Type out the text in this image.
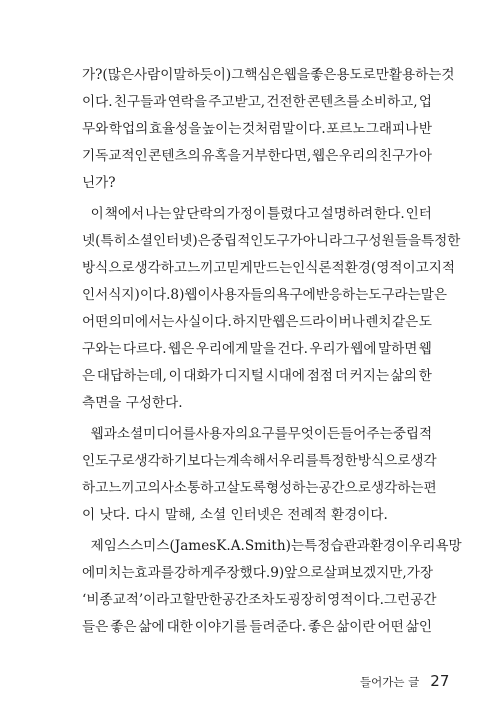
가? (많은 사람이 말하듯이) 그 핵심은 웹을 좋은 용도로만 활용하는 것
이다. 친구들과 연락을 주고받고, 건전한 콘텐츠를 소비하고, 업
무와 학업의 효율성을 높이는 것처럼 말이다. 포르노그래피나 반
기독교적인 콘텐츠의 유혹을 거부한다면, 웹은 우리의 친구가 아
닌가?
이 책에서 나는 앞 단락의 가정이 틀렸다고 설명하려 한다. 인터
넷(특히 소셜 인터넷)은 중립적인 도구가 아니라 그 구성원들을 특정한
방식으로 생각하고 느끼고 믿게 만드는 인식론적 환경(영적이고 지적
인 서식지)이다.8) 웹이 사용자들의 욕구에 반응하는 도구라는 말은
어떤 의미에서는 사실이다. 하지만 웹은 드라이버나 렌치 같은 도
구와는 다르다. 웹은 우리에게 말을 건다. 우리가 웹에 말하면 웹
은 대답하는데, 이 대화가 디지털 시대에 점점 더 커지는 삶의 한
측면을 구성한다.
웹과 소셜 미디어를 사용자의 요구를 무엇이든 들어주는 중립적
인 도구로 생각하기보다는 계속해서 우리를 특정한 방식으로 생각
하고 느끼고 의사소통하고 살도록 형성하는 공간으로 생각하는 편
이 낫다. 다시 말해, 소셜 인터넷은 전례적 환경이다.
제임스 스미스(James K. A. Smith)는 특정 습관과 환경이 우리 욕망
에 미치는 효과를 강하게 주장했다.9) 앞으로 살펴보겠지만, 가장
‘비종교적’이라고 할 만한 공간조차도 굉장히 영적이다. 그런 공간
들은 좋은 삶에 대한 이야기를 들려준다. 좋은 삶이란 어떤 삶인
들어가는 글 27
